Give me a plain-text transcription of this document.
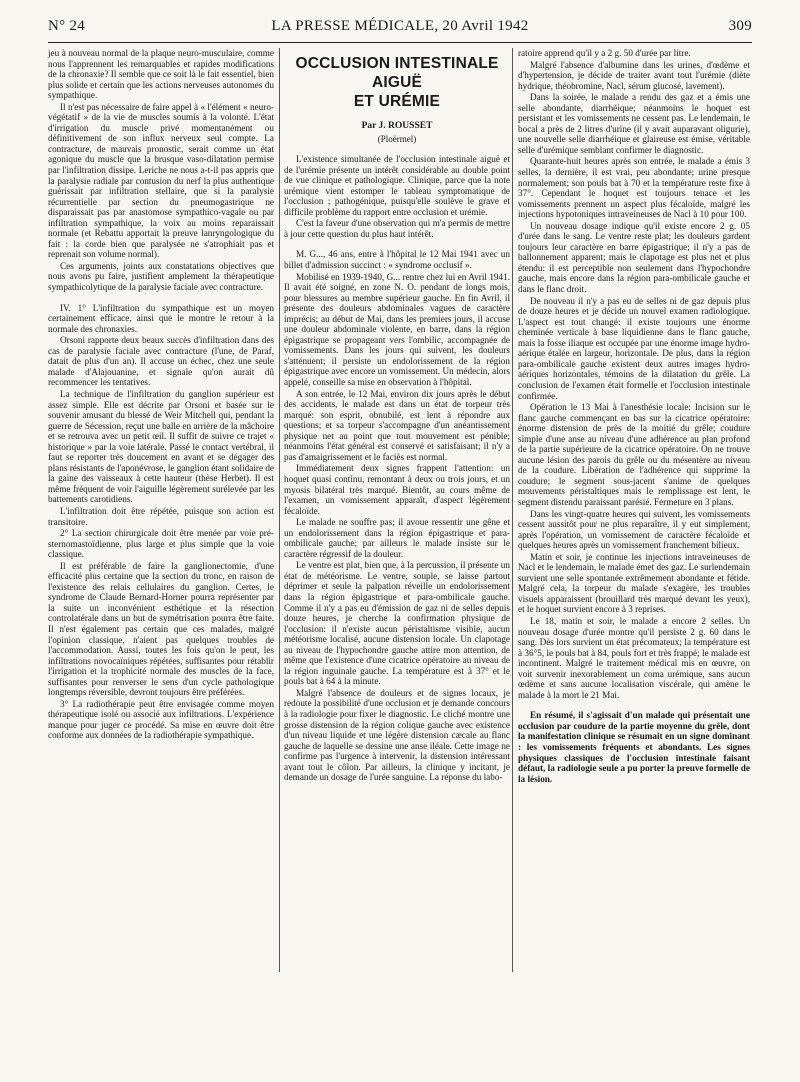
N° 24	LA PRESSE MÉDICALE, 20 Avril 1942	309

jeu à nouveau normal de la plaque neuro-musculaire, comme nous l'apprennent les remarquables et rapides modifications de la chronaxie? Il semble que ce soit là le fait essentiel, bien plus solide et certain que les actions nerveuses autonomes du sympathique.

Il n'est pas nécessaire de faire appel à « l'élément « neuro-végétatif » de la vie de muscles soumis à la volonté. L'état d'irrigation du muscle privé momentanément ou définitivement de son influx nerveux seul compte. La contracture, de mauvais pronostic, serait comme un état agonique du muscle que la brusque vaso-dilatation permise par l'infiltration dissipe. Leriche ne nous a-t-il pas appris que la paralysie radiale par contusion du nerf la plus authentique guérissait par infiltration stellaire, que si la paralysie récurrentielle par section du pneumogastrique ne disparaissait pas par anastomose sympathico-vagale ou par infiltration sympathique, la voix au moins reparaissait normale (et Rebattu apportait la preuve lanryngologique du fait : la corde bien que paralysée ne s'atrophiait pas et reprenait son volume normal).

Ces arguments, joints aux constatations objectives que nous avons pu faire, justifient amplement la thérapeutique sympathicolytique de la paralysie faciale avec contracture.

IV. 1° L'infiltration du sympathique est un moyen certainement efficace, ainsi que le montre le retour à la normale des chronaxies.

Orsoni rapporte deux beaux succès d'infiltration dans des cas de paralysie faciale avec contracture (l'une, de Paraf, datait de plus d'un an). Il accuse un échec, chez une seule malade d'Alajouanine, et signale qu'on aurait dû recommencer les tentatives.

La technique de l'infiltration du ganglion supérieur est assez simple. Elle est décrite par Orsoni et basée sur le souvenir amusant du blessé de Weir Mitchell qui, pendant la guerre de Sécession, reçut une balle en arrière de la mâchoire et se retrouva avec un petit œil. Il suffit de suivre ce trajet « historique » par la voie latérale. Passé le contact vertébral, il faut se reporter très doucement en avant et se dégager des plans résistants de l'aponévrose, le ganglion étant solidaire de la gaine des vaisseaux à cette hauteur (thèse Herbet). Il est même fréquent de voir l'aiguille légèrement surélevée par les battements carotidiens.

L'infiltration doit être répétée, puisque son action est transitoire.

2° La section chirurgicale doit être menée par voie pré-sternomastoïdienne, plus large et plus simple que la voie classique.

Il est préférable de faire la ganglionectomie, d'une efficacité plus certaine que la section du tronc, en raison de l'existence des relais cellulaires du ganglion. Certes, le syndrome de Claude Bernard-Horner pourra représenter par la suite un inconvénient esthétique et la résection controlatérale dans un but de symétrisation pourra être faite. Il n'est également pas certain que ces malades, malgré l'opinion classique, n'aient pas quelques troubles de l'accommodation. Aussi, toutes les fois qu'on le peut, les infiltrations novocaïniques répétées, suffisantes pour rétablir l'irrigation et la trophicité normale des muscles de la face, suffisantes pour renverser le sens d'un cycle pathologique longtemps réversible, devront toujours être préférées.

3° La radiothérapie peut être envisagée comme moyen thérapeutique isolé ou associé aux infiltrations. L'expérience manque pour juger ce procédé. Sa mise en œuvre doit être conforme aux données de la radiothérapie sympathique.

OCCLUSION INTESTINALE
AIGUË
ET URÉMIE
Par J. ROUSSET
(Ploërmel)

L'existence simultanée de l'occlusion intestinale aiguë et de l'urémie présente un intérêt considérable au double point de vue clinique et pathologique. Clinique, parce que la note urémique vient estomper le tableau symptomatique de l'occlusion ; pathogénique, puisqu'elle soulève le grave et difficile problème du rapport entre occlusion et urémie.

C'est la faveur d'une observation qui m'a permis de mettre à jour cette question du plus haut intérêt.

M. G..., 46 ans, entre à l'hôpital le 12 Mai 1941 avec un billet d'admission succinct : « syndrome occlusif ».

Mobilisé en 1939-1940, G... rentre chez lui en Avril 1941. Il avait été soigné, en zone N. O. pendant de longs mois, pour blessures au membre supérieur gauche. En fin Avril, il présente des douleurs abdominales vagues de caractère imprécis; au début de Mai, dans les premiers jours, il accuse une douleur abdominale violente, en barre, dans la région épigastrique se propageant vers l'ombilic, accompagnée de vomissements. Dans les jours qui suivent, les douleurs s'atténuent; il persiste un endolorissement de la région épigastrique avec encore un vomissement. Un médecin, alors appelé, conseille sa mise en observation à l'hôpital.

A son entrée, le 12 Mai, environ dix jours après le début des accidents, le malade est dans un état de torpeur très marqué: son esprit, obnubilé, est lent à répondre aux questions; et sa torpeur s'accompagne d'un anéantissement physique net au point que tout mouvement est pénible; néanmoins l'état général est conservé et satisfaisant; il n'y a pas d'amaigrissement et le faciès est normal.

Immédiatement deux signes frappent l'attention: un hoquet quasi continu, remontant à deux ou trois jours, et un myosis bilatéral très marqué. Bientôt, au cours même de l'examen, un vomissement apparaît, d'aspect légèrement fécaloïde.

Le malade ne souffre pas; il avoue ressentir une gêne et un endolorissement dans la région épigastrique et para-ombilicale gauche; par ailleurs le malade insiste sur le caractère régressif de la douleur.

Le ventre est plat, bien que, à la percussion, il présente un état de météorisme. Le ventre, souple, se laisse partout déprimer et seule la palpation réveille un endolorissement dans la région épigastrique et para-ombilicale gauche. Comme il n'y a pas eu d'émission de gaz ni de selles depuis douze heures, je cherche la confirmation physique de l'occlusion: il n'existe aucun péristaltisme visible, aucun météorisme localisé, aucune distension locale. Un clapotage au niveau de l'hypochondre gauche attire mon attention, de même que l'existence d'une cicatrice opératoire au niveau de la région inguinale gauche. La température est à 37° et le pouls bat à 64 à la minute.

Malgré l'absence de douleurs et de signes locaux, je redoute la possibilité d'une occlusion et je demande concours à la radiologie pour fixer le diagnostic. Le cliché montre une grosse distension de la région colique gauche avec existence d'un niveau liquide et une légère distension cæcale au flanc gauche de laquelle se dessine une anse iléale. Cette image ne confirme pas l'urgence à intervenir, la distension intéressant avant tout le côlon. Par ailleurs, la clinique y incitant, je demande un dosage de l'urée sanguine. La réponse du labo-

ratoire apprend qu'il y a 2 g. 50 d'urée par litre.

Malgré l'absence d'albumine dans les urines, d'œdème et d'hypertension, je décide de traiter avant tout l'urémie (diète hydrique, théobromine, Nacl, sérum glucosé, lavement).

Dans la soirée, le malade a rendu des gaz et a émis une selle abondante, diarrhéique; néanmoins le hoquet est persistant et les vomissements ne cessent pas. Le lendemain, le bocal a près de 2 litres d'urine (il y avait auparavant oligurie), une nouvelle selle diarrhéique et glaireuse est émise, véritable selle d'urémique semblant confirmer le diagnostic.

Quarante-huit heures après son entrée, le malade a émis 3 selles, la dernière, il est vrai, peu abondante; urine presque normalement; son pouls bat à 70 et la température reste fixe à 37°. Cependant le hoquet est toujours tenace et les vomissements prennent un aspect plus fécaloïde, malgré les injections hypotoniques intraveineuses de Nacl à 10 pour 100.

Un nouveau dosage indique qu'il existe encore 2 g. 05 d'urée dans le sang. Le ventre reste plat; les douleurs gardent toujours leur caractère en barre épigastrique; il n'y a pas de ballonnement apparent; mais le clapotage est plus net et plus étendu: il est perceptible non seulement dans l'hypochondre gauche, mais encore dans la région para-ombilicale gauche et dans le flanc droit.

De nouveau il n'y a pas eu de selles ni de gaz depuis plus de douze heures et je décide un nouvel examen radiologique. L'aspect est tout changé: il existe toujours une énorme cheminée verticale à base liquidienne dans le flanc gauche, mais la fosse iliaque est occupée par une énorme image hydro-aérique étalée en largeur, horizontale. De plus, dans la région para-ombilicale gauche existent deux autres images hydro-aériques horizontales, témoins de la dilatation du grêle. La conclusion de l'examen était formelle et l'occlusion intestinale confirmée.

Opération le 13 Mai à l'anesthésie locale: Incision sur le flanc gauche commençant en bas sur la cicatrice opératoire: énorme distension de près de la moitié du grêle; coudure simple d'une anse au niveau d'une adhérence au plan profond de la partie supérieure de la cicatrice opératoire. On ne trouve aucune lésion des parois du grêle ou du mésentère au niveau de la coudure. Libération de l'adhérence qui supprime la coudure; le segment sous-jacent s'anime de quelques mouvements péristaltiques mais le remplissage est lent, le segment distendu paraissant parésié. Fermeture en 3 plans.

Dans les vingt-quatre heures qui suivent, les vomissements cessent aussitôt pour ne plus reparaître, il y eut simplement, après l'opération, un vomissement de caractère fécaloïde et quelques heures après un vomissement franchement bilieux.

Matin et soir, je continue les injections intraveineuses de Nacl et le lendemain, le malade émet des gaz. Le surlendemain survient une selle spontanée extrêmement abondante et fétide. Malgré cela, la torpeur du malade s'exagère, les troubles visuels apparaissent (brouillard très marqué devant les yeux), et le hoquet survient encore à 3 reprises.

Le 18, matin et soir, le malade a encore 2 selles. Un nouveau dosage d'urée montre qu'il persiste 2 g. 60 dans le sang. Dès lors survient un état précomateux; la température est à 36°5, le pouls bat à 84, pouls fort et très frappé; le malade est incontinent. Malgré le traitement médical mis en œuvre, on voit survenir inexorablement un coma urémique, sans aucun œdème et sans aucune localisation viscérale, qui amène le malade à la mort le 21 Mai.

En résumé, il s'agissait d'un malade qui présentait une occlusion par coudure de la partie moyenne du grêle, dont la manifestation clinique se résumait en un signe dominant : les vomissements fréquents et abondants. Les signes physiques classiques de l'occlusion intestinale faisant défaut, la radiologie seule a pu porter la preuve formelle de la lésion.
